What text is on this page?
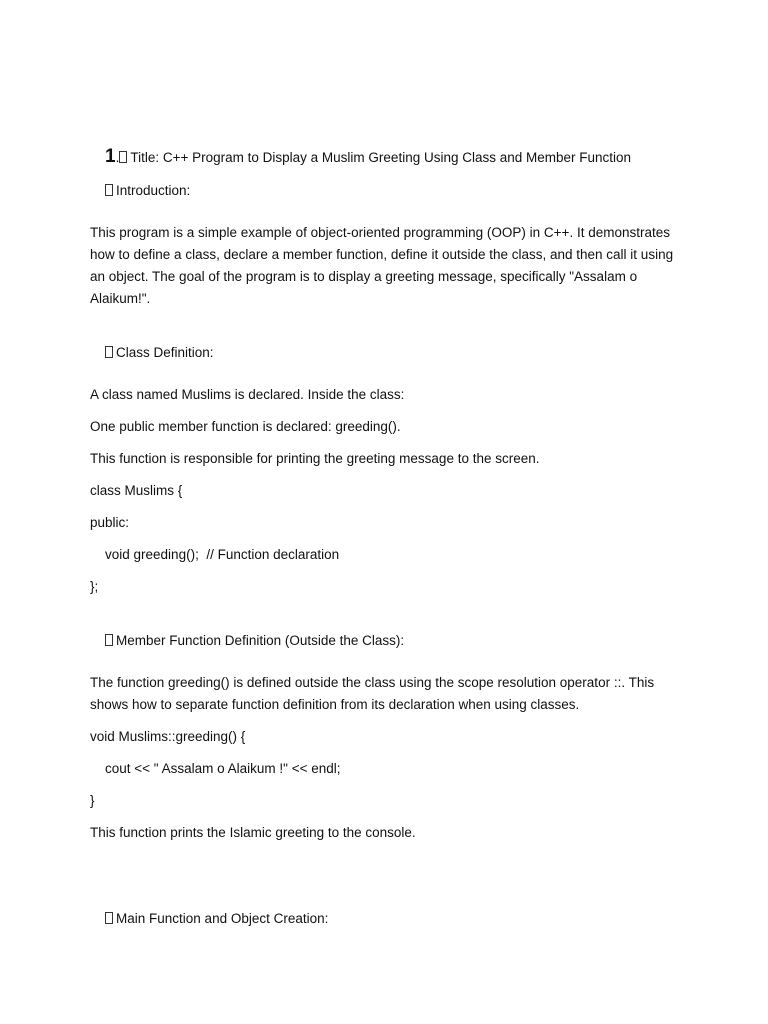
1. Title: C++ Program to Display a Muslim Greeting Using Class and Member Function

Introduction:

This program is a simple example of object-oriented programming (OOP) in C++. It demonstrates how to define a class, declare a member function, define it outside the class, and then call it using an object. The goal of the program is to display a greeting message, specifically "Assalam o Alaikum!".

Class Definition:

A class named Muslims is declared. Inside the class:
One public member function is declared: greeding().
This function is responsible for printing the greeting message to the screen.
class Muslims {
public:
void greeding();  // Function declaration
};

Member Function Definition (Outside the Class):

The function greeding() is defined outside the class using the scope resolution operator ::. This shows how to separate function definition from its declaration when using classes.
void Muslims::greeding() {
cout << " Assalam o Alaikum !" << endl;
}
This function prints the Islamic greeting to the console.

Main Function and Object Creation:
